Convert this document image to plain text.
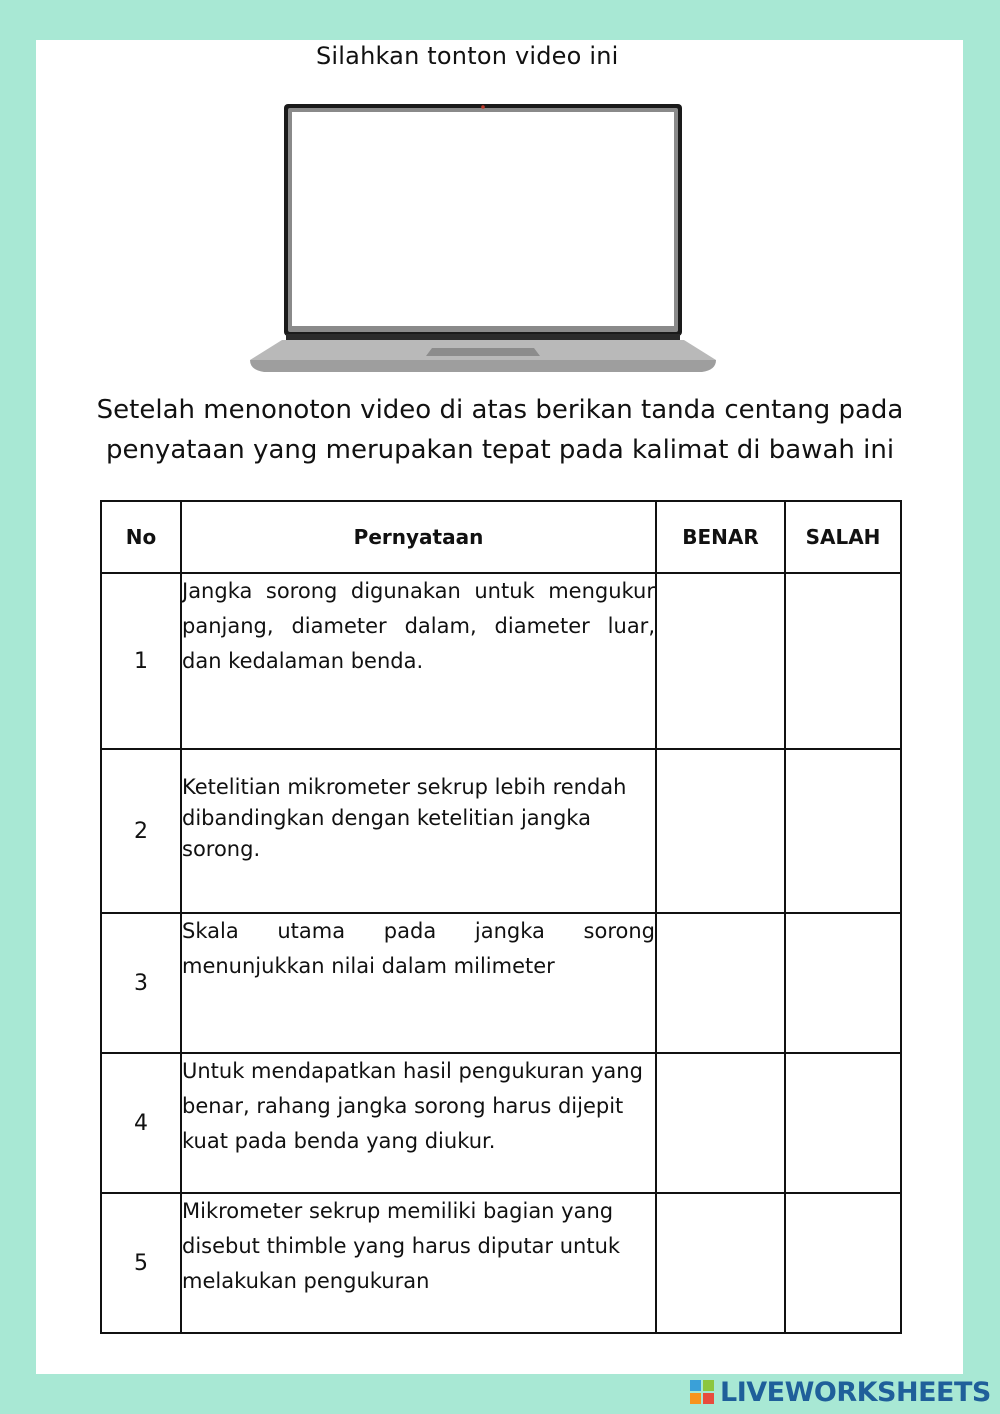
Silahkan tonton video ini
Setelah menonoton video di atas berikan tanda centang pada
penyataan yang merupakan tepat pada kalimat di bawah ini
No	Pernyataan	BENAR	SALAH
1	Jangka sorong digunakan untuk mengukur panjang, diameter dalam, diameter luar, dan kedalaman benda.	

2	Ketelitian mikrometer sekrup lebih rendah dibandingkan dengan ketelitian jangka sorong.	

3	Skala utama pada jangka sorong menunjukkan nilai dalam milimeter	

4	Untuk mendapatkan hasil pengukuran yang benar, rahang jangka sorong harus dijepit kuat pada benda yang diukur.	

5	Mikrometer sekrup memiliki bagian yang disebut thimble yang harus diputar untuk melakukan pengukuran	

LIVEWORKSHEETS
